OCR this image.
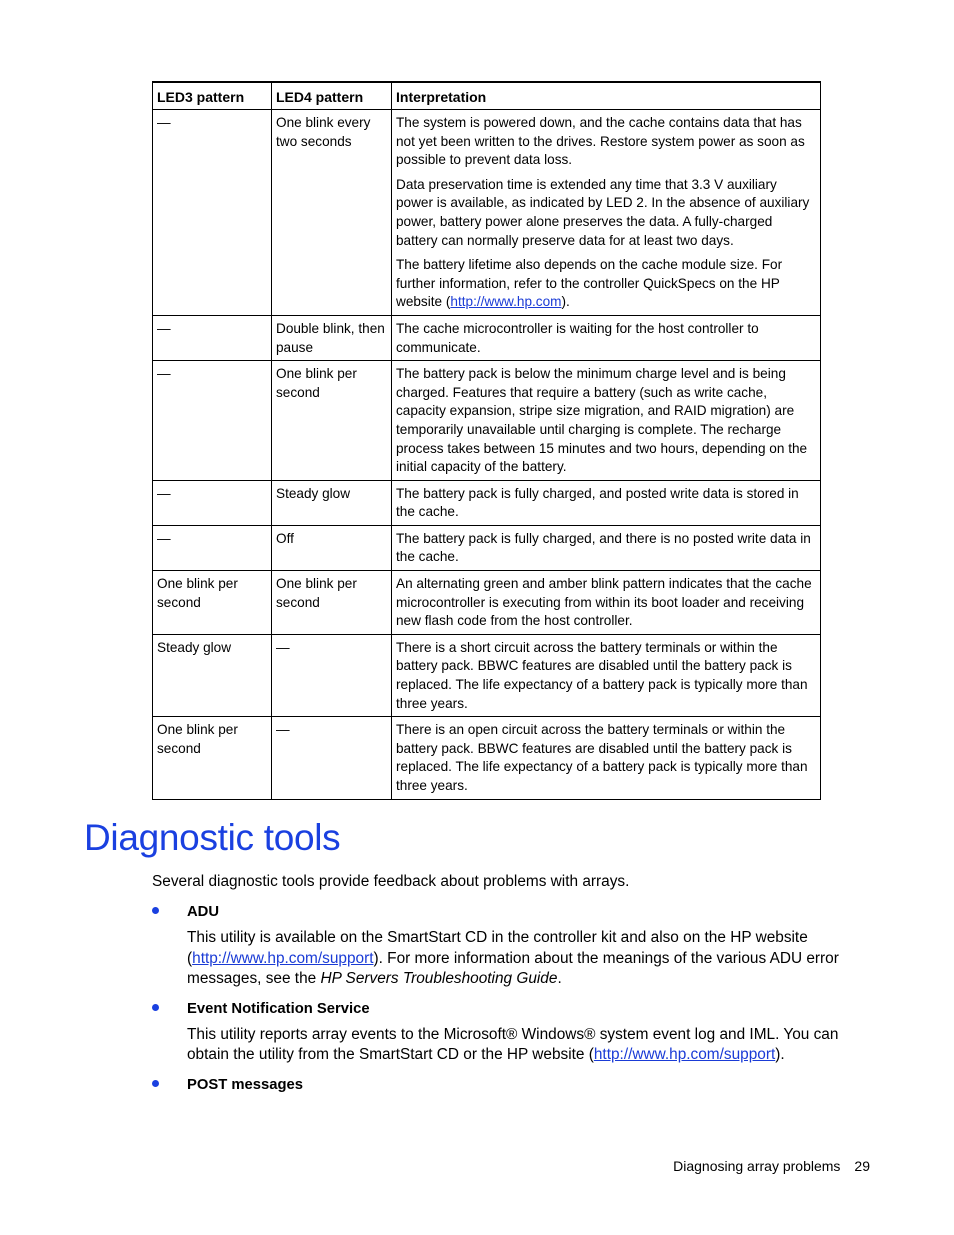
LED3 pattern	LED4 pattern	Interpretation
—	One blink every two seconds	The system is powered down, and the cache contains data that has not yet been written to the drives. Restore system power as soon as possible to prevent data loss.

Data preservation time is extended any time that 3.3 V auxiliary power is available, as indicated by LED 2. In the absence of auxiliary power, battery power alone preserves the data. A fully-charged battery can normally preserve data for at least two days.

The battery lifetime also depends on the cache module size. For further information, refer to the controller QuickSpecs on the HP website (http://www.hp.com).

—	Double blink, then pause	The cache microcontroller is waiting for the host controller to communicate.
—	One blink per second	The battery pack is below the minimum charge level and is being charged. Features that require a battery (such as write cache, capacity expansion, stripe size migration, and RAID migration) are temporarily unavailable until charging is complete. The recharge process takes between 15 minutes and two hours, depending on the initial capacity of the battery.
—	Steady glow	The battery pack is fully charged, and posted write data is stored in the cache.
—	Off	The battery pack is fully charged, and there is no posted write data in the cache.
One blink per second	One blink per second	An alternating green and amber blink pattern indicates that the cache microcontroller is executing from within its boot loader and receiving new flash code from the host controller.
Steady glow	—	There is a short circuit across the battery terminals or within the battery pack. BBWC features are disabled until the battery pack is replaced. The life expectancy of a battery pack is typically more than three years.
One blink per second	—	There is an open circuit across the battery terminals or within the battery pack. BBWC features are disabled until the battery pack is replaced. The life expectancy of a battery pack is typically more than three years.
Diagnostic tools

Several diagnostic tools provide feedback about problems with arrays.

ADU

This utility is available on the SmartStart CD in the controller kit and also on the HP website (http://www.hp.com/support). For more information about the meanings of the various ADU error messages, see the HP Servers Troubleshooting Guide.

Event Notification Service

This utility reports array events to the Microsoft® Windows® system event log and IML. You can obtain the utility from the SmartStart CD or the HP website (http://www.hp.com/support).

POST messages

Diagnosing array problems 29
